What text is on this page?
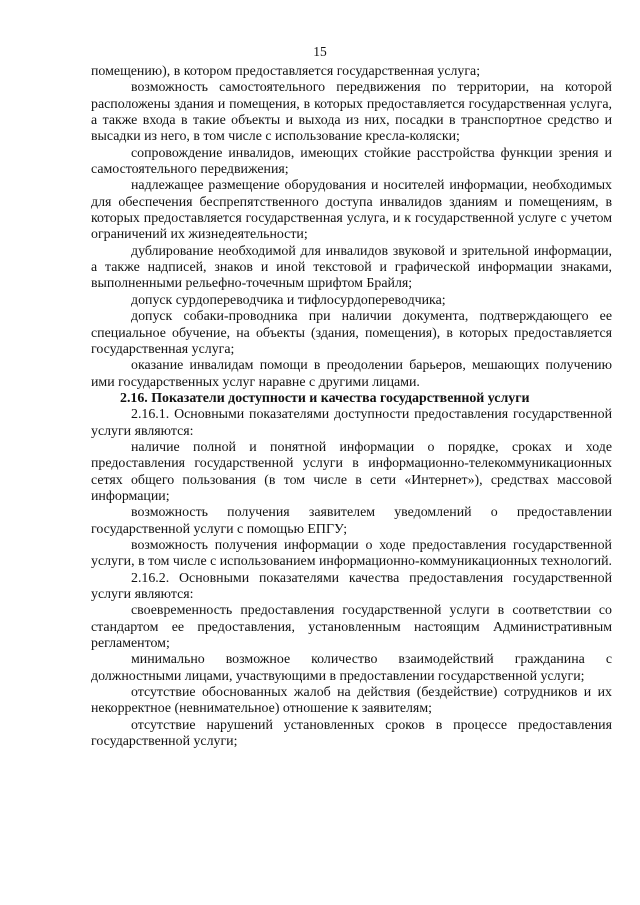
15

помещению), в котором предоставляется государственная услуга;

возможность самостоятельного передвижения по территории, на которой расположены здания и помещения, в которых предоставляется государственная услуга, а также входа в такие объекты и выхода из них, посадки в транспортное средство и высадки из него, в том числе с использование кресла-коляски;

сопровождение инвалидов, имеющих стойкие расстройства функции зрения и самостоятельного передвижения;

надлежащее размещение оборудования и носителей информации, необходимых для обеспечения беспрепятственного доступа инвалидов зданиям и помещениям, в которых предоставляется государственная услуга, и к государственной услуге с учетом ограничений их жизнедеятельности;

дублирование необходимой для инвалидов звуковой и зрительной информации, а также надписей, знаков и иной текстовой и графической информации знаками, выполненными рельефно-точечным шрифтом Брайля;

допуск сурдопереводчика и тифлосурдопереводчика;

допуск собаки-проводника при наличии документа, подтверждающего ее специальное обучение, на объекты (здания, помещения), в которых предоставляется государственная услуга;

оказание инвалидам помощи в преодолении барьеров, мешающих получению ими государственных услуг наравне с другими лицами.

2.16. Показатели доступности и качества государственной услуги

2.16.1. Основными показателями доступности предоставления государственной

услуги являются:

наличие полной и понятной информации о порядке, сроках и ходе предоставления государственной услуги в информационно-телекоммуникационных сетях общего пользования (в том числе в сети «Интернет»), средствах массовой информации;

возможность получения заявителем уведомлений о предоставлении государственной услуги с помощью ЕПГУ;

возможность получения информации о ходе предоставления государственной услуги, в том числе с использованием информационно-коммуникационных технологий.

2.16.2. Основными показателями качества предоставления государственной услуги являются:

своевременность предоставления государственной услуги в соответствии со стандартом ее предоставления, установленным настоящим Административным регламентом;

минимально возможное количество взаимодействий гражданина с должностными лицами, участвующими в предоставлении государственной услуги;

отсутствие обоснованных жалоб на действия (бездействие) сотрудников и их некорректное (невнимательное) отношение к заявителям;

отсутствие нарушений установленных сроков в процессе предоставления государственной услуги;
